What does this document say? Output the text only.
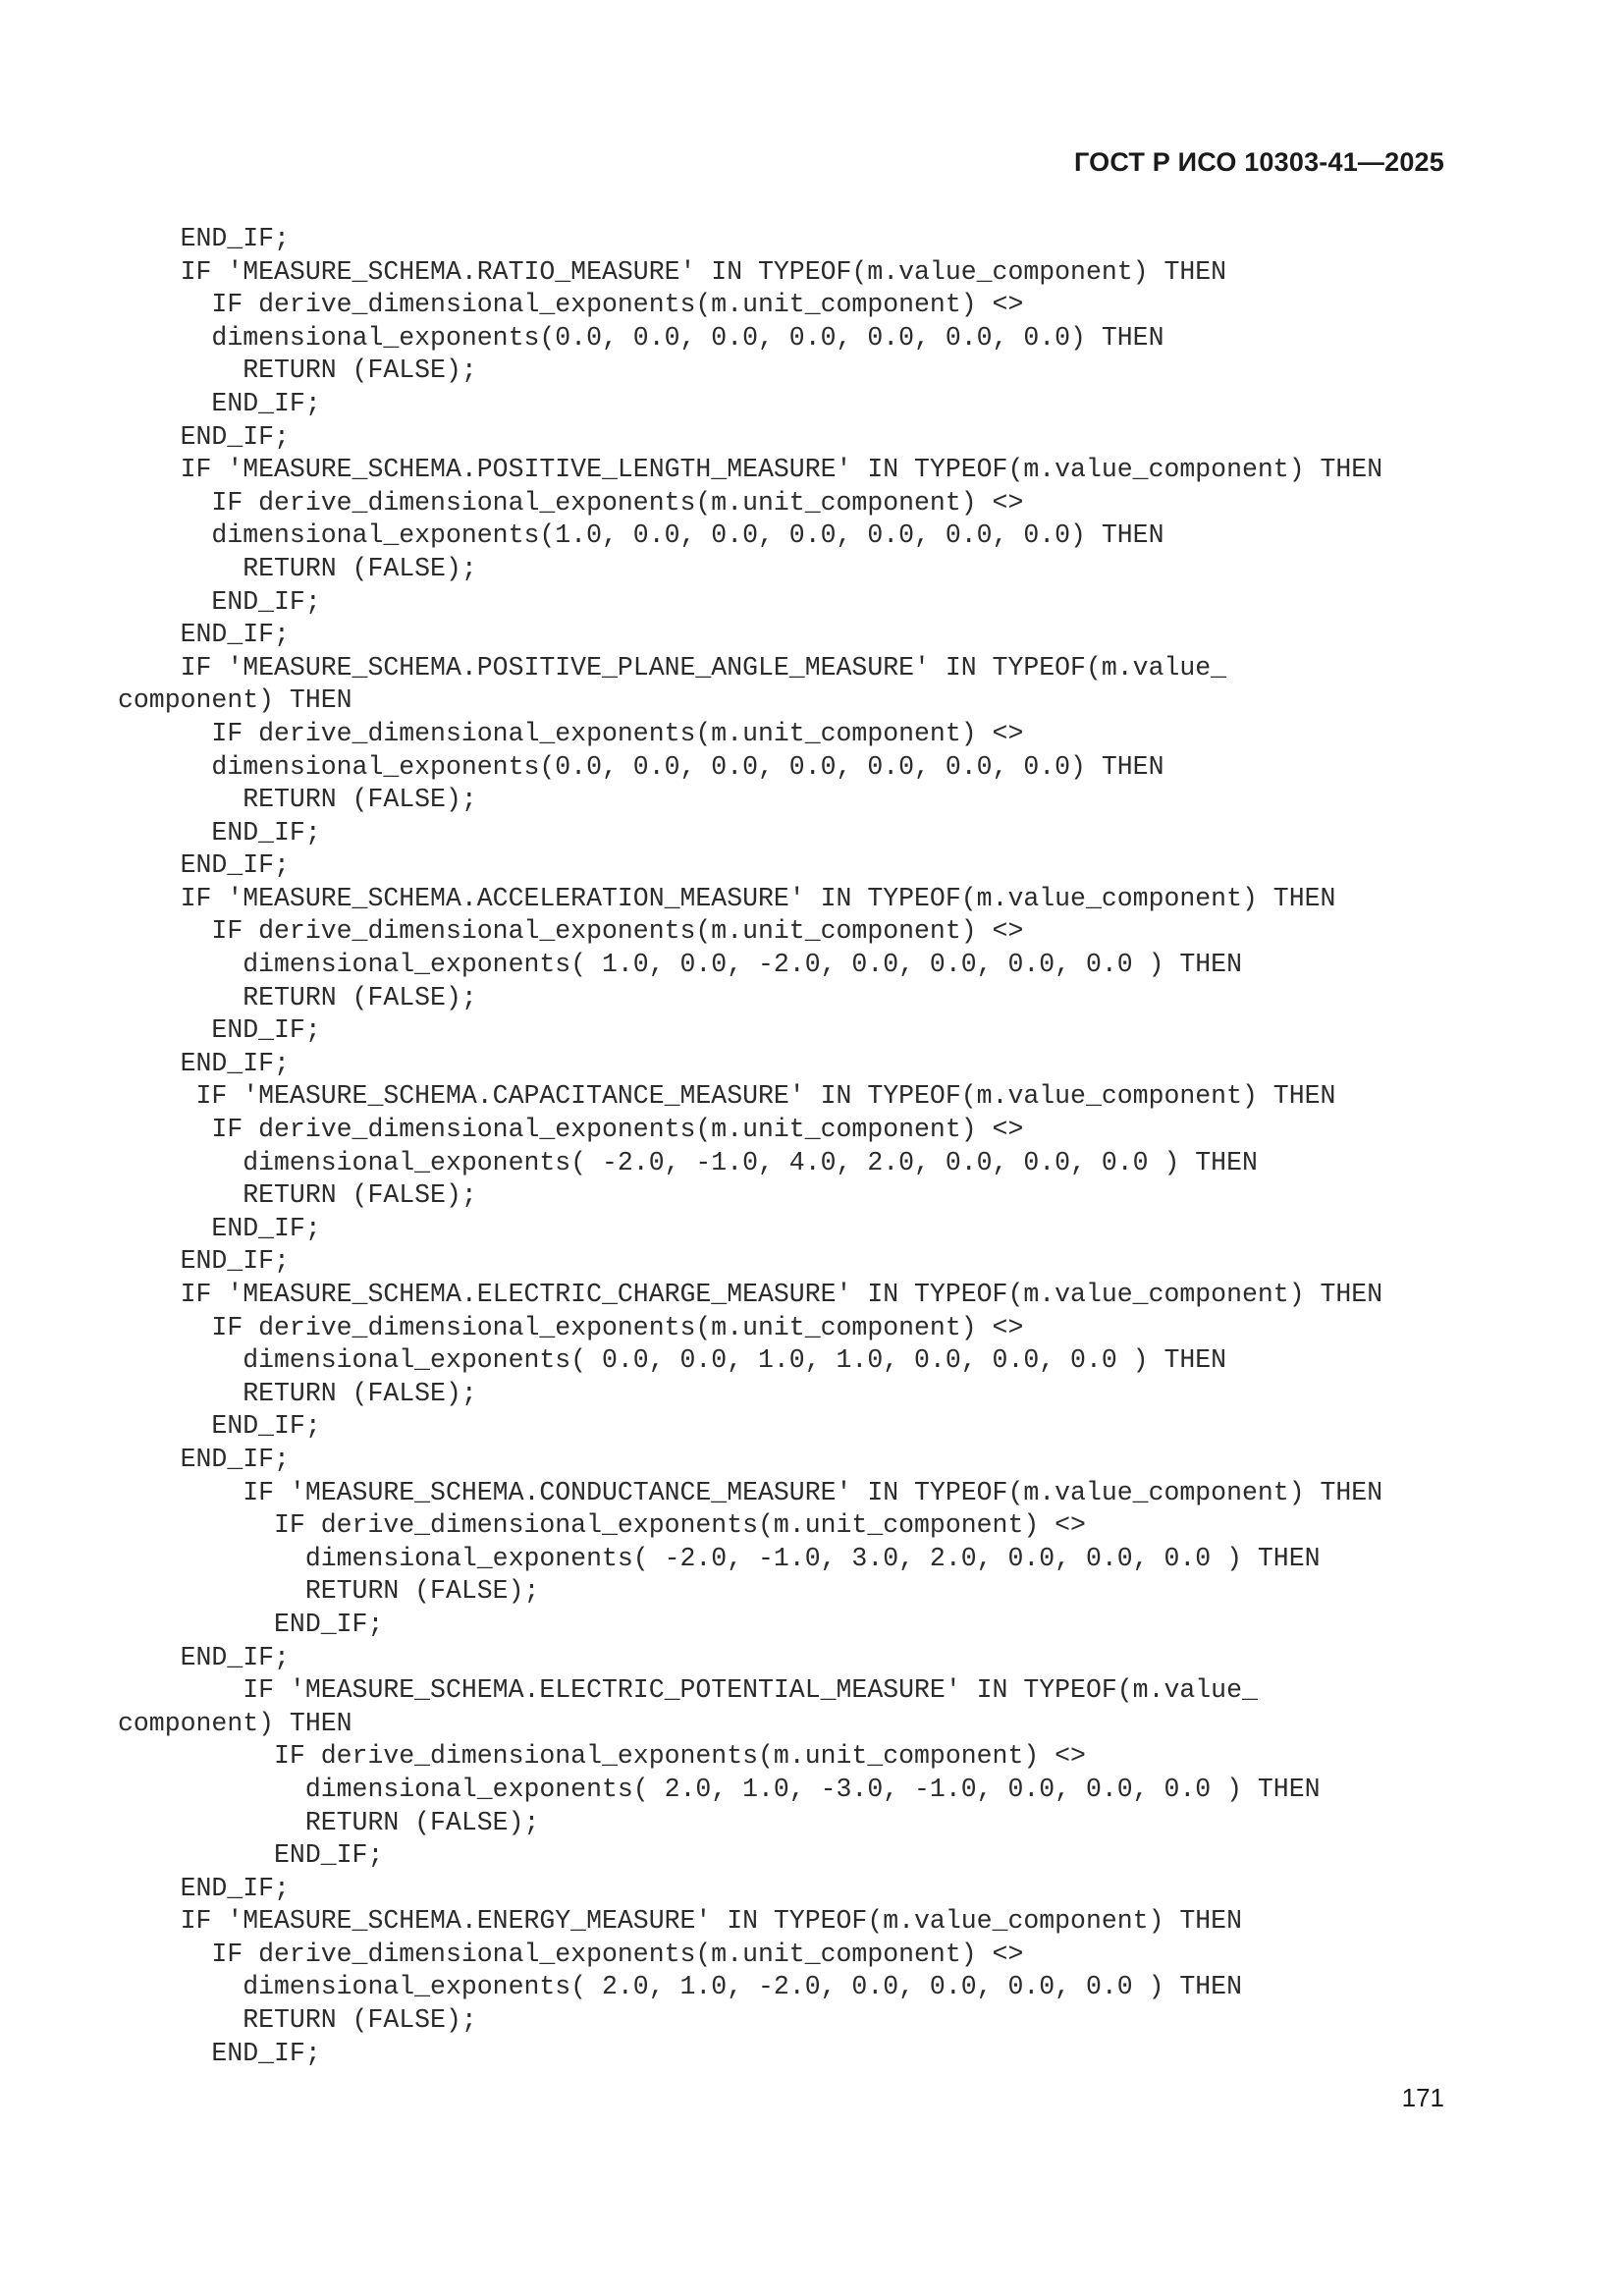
ГОСТ Р ИСО 10303-41—2025
END_IF;
IF 'MEASURE_SCHEMA.RATIO_MEASURE' IN TYPEOF(m.value_component) THEN
IF derive_dimensional_exponents(m.unit_component) <>
dimensional_exponents(0.0, 0.0, 0.0, 0.0, 0.0, 0.0, 0.0) THEN
RETURN (FALSE);
END_IF;
END_IF;
IF 'MEASURE_SCHEMA.POSITIVE_LENGTH_MEASURE' IN TYPEOF(m.value_component) THEN
IF derive_dimensional_exponents(m.unit_component) <>
dimensional_exponents(1.0, 0.0, 0.0, 0.0, 0.0, 0.0, 0.0) THEN
RETURN (FALSE);
END_IF;
END_IF;
IF 'MEASURE_SCHEMA.POSITIVE_PLANE_ANGLE_MEASURE' IN TYPEOF(m.value_
component) THEN
IF derive_dimensional_exponents(m.unit_component) <>
dimensional_exponents(0.0, 0.0, 0.0, 0.0, 0.0, 0.0, 0.0) THEN
RETURN (FALSE);
END_IF;
END_IF;
IF 'MEASURE_SCHEMA.ACCELERATION_MEASURE' IN TYPEOF(m.value_component) THEN
IF derive_dimensional_exponents(m.unit_component) <>
dimensional_exponents( 1.0, 0.0, -2.0, 0.0, 0.0, 0.0, 0.0 ) THEN
RETURN (FALSE);
END_IF;
END_IF;
IF 'MEASURE_SCHEMA.CAPACITANCE_MEASURE' IN TYPEOF(m.value_component) THEN
IF derive_dimensional_exponents(m.unit_component) <>
dimensional_exponents( -2.0, -1.0, 4.0, 2.0, 0.0, 0.0, 0.0 ) THEN
RETURN (FALSE);
END_IF;
END_IF;
IF 'MEASURE_SCHEMA.ELECTRIC_CHARGE_MEASURE' IN TYPEOF(m.value_component) THEN
IF derive_dimensional_exponents(m.unit_component) <>
dimensional_exponents( 0.0, 0.0, 1.0, 1.0, 0.0, 0.0, 0.0 ) THEN
RETURN (FALSE);
END_IF;
END_IF;
IF 'MEASURE_SCHEMA.CONDUCTANCE_MEASURE' IN TYPEOF(m.value_component) THEN
IF derive_dimensional_exponents(m.unit_component) <>
dimensional_exponents( -2.0, -1.0, 3.0, 2.0, 0.0, 0.0, 0.0 ) THEN
RETURN (FALSE);
END_IF;
END_IF;
IF 'MEASURE_SCHEMA.ELECTRIC_POTENTIAL_MEASURE' IN TYPEOF(m.value_
component) THEN
IF derive_dimensional_exponents(m.unit_component) <>
dimensional_exponents( 2.0, 1.0, -3.0, -1.0, 0.0, 0.0, 0.0 ) THEN
RETURN (FALSE);
END_IF;
END_IF;
IF 'MEASURE_SCHEMA.ENERGY_MEASURE' IN TYPEOF(m.value_component) THEN
IF derive_dimensional_exponents(m.unit_component) <>
dimensional_exponents( 2.0, 1.0, -2.0, 0.0, 0.0, 0.0, 0.0 ) THEN
RETURN (FALSE);
END_IF;
171
